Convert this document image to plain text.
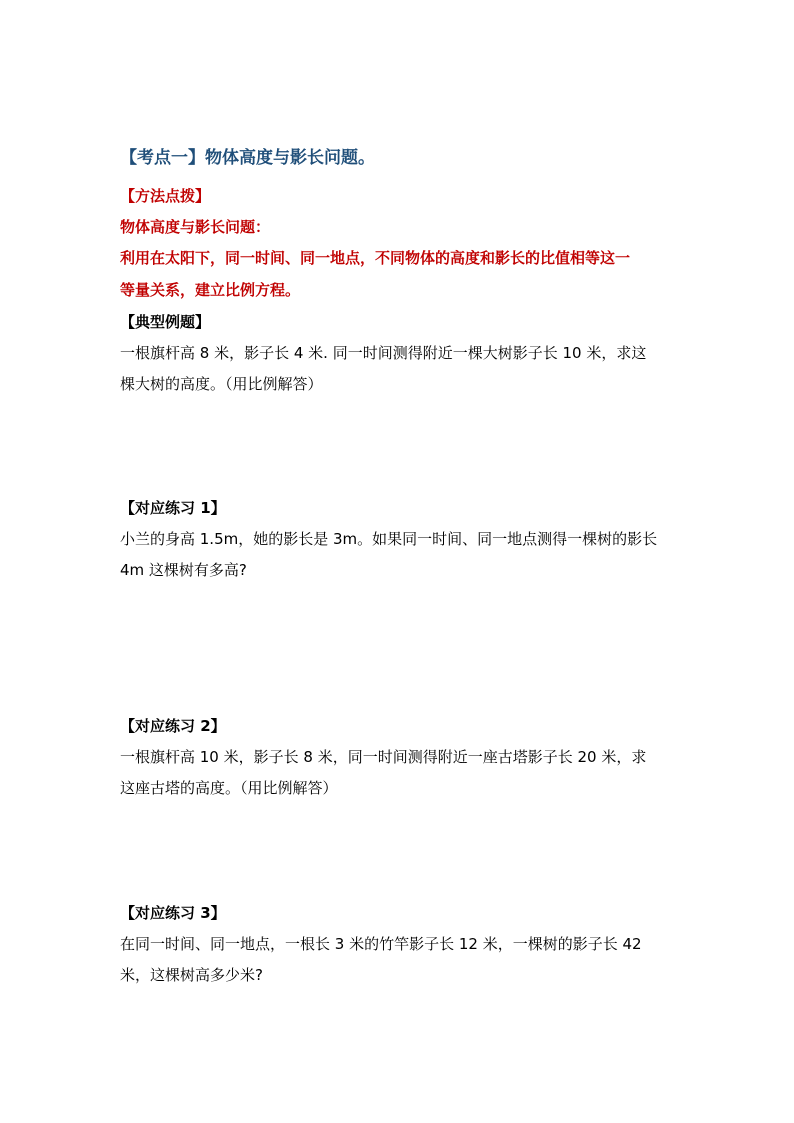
【考点一】物体高度与影长问题。
【方法点拨】
物体高度与影长问题：
利用在太阳下，同一时间、同一地点，不同物体的高度和影长的比值相等这一
等量关系，建立比例方程。
【典型例题】
一根旗杆高 8 米，影子长 4 米. 同一时间测得附近一棵大树影子长 10 米，求这
棵大树的高度。（用比例解答）
【对应练习 1】
小兰的身高 1.5m，她的影长是 3m。如果同一时间、同一地点测得一棵树的影长
4m 这棵树有多高?
【对应练习 2】
一根旗杆高 10 米，影子长 8 米，同一时间测得附近一座古塔影子长 20 米，求
这座古塔的高度。（用比例解答）
【对应练习 3】
在同一时间、同一地点，一根长 3 米的竹竿影子长 12 米，一棵树的影子长 42
米，这棵树高多少米?
